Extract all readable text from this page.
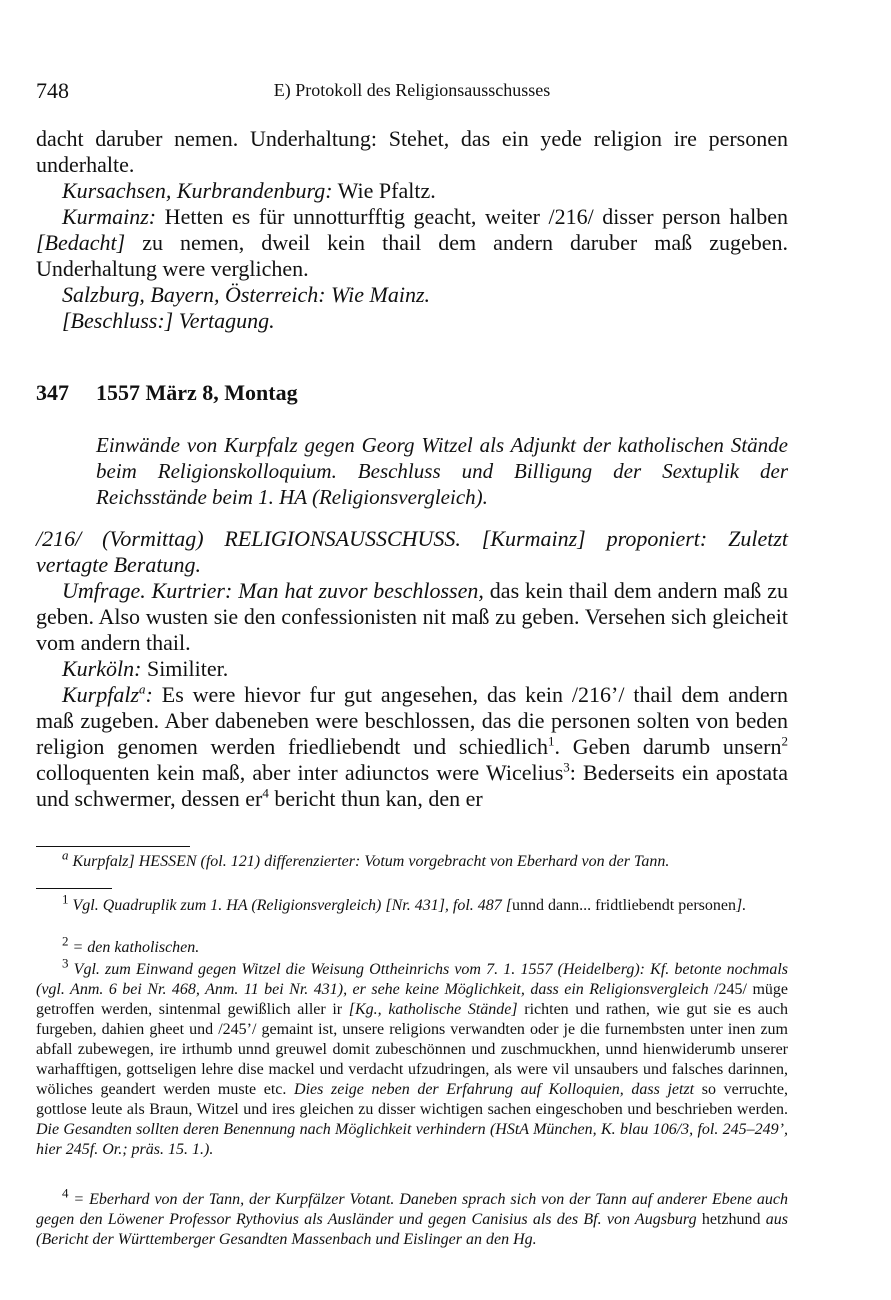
748	E) Protokoll des Religionsausschusses

dacht daruber nemen. Underhaltung: Stehet, das ein yede religion ire personen underhalte.

Kursachsen, Kurbrandenburg: Wie Pfaltz.

Kurmainz: Hetten es für unnotturfftig geacht, weiter /216/ disser person halben [Bedacht] zu nemen, dweil kein thail dem andern daruber maß zugeben. Underhaltung were verglichen.

Salzburg, Bayern, Österreich: Wie Mainz.

[Beschluss:] Vertagung.

347 1557 März 8, Montag

Einwände von Kurpfalz gegen Georg Witzel als Adjunkt der katholischen Stände beim Religionskolloquium. Beschluss und Billigung der Sextuplik der Reichsstände beim 1. HA (Religionsvergleich).

/216/ (Vormittag) RELIGIONSAUSSCHUSS. [Kurmainz] proponiert: Zuletzt vertagte Beratung.

Umfrage. Kurtrier: Man hat zuvor beschlossen, das kein thail dem andern maß zu geben. Also wusten sie den confessionisten nit maß zu geben. Versehen sich gleicheit vom andern thail.

Kurköln: Similiter.

Kurpfalz$^a$: Es were hievor fur gut angesehen, das kein /216’/ thail dem andern maß zugeben. Aber dabeneben were beschlossen, das die personen solten von beden religion genomen werden friedliebendt und schiedlich$^1$. Geben darumb unsern$^2$ colloquenten kein maß, aber inter adiunctos were Wicelius$^3$: Bederseits ein apostata und schwermer, dessen $er^4$ bericht thun kan, den er

$^a$ Kurpfalz] HESSEN (fol. 121) differenzierter: Votum vorgebracht von Eberhard von der Tann.

$^1$ Vgl. Quadruplik zum 1. HA (Religionsvergleich) [Nr. 431], fol. 487 [unnd dann... fridtliebendt personen].

$^2$ = den katholischen.

$^3$ Vgl. zum Einwand gegen Witzel die Weisung Ottheinrichs vom 7. 1. 1557 (Heidelberg): Kf. betonte nochmals (vgl. Anm. 6 bei Nr. 468, Anm. 11 bei Nr. 431), er sehe keine Möglichkeit, dass ein Religionsvergleich /245/ müge getroffen werden, sintenmal gewißlich aller ir [Kg., katholische Stände] richten und rathen, wie gut sie es auch furgeben, dahien gheet und /245’/ gemaint ist, unsere religions verwandten oder je die furnembsten unter inen zum abfall zubewegen, ire irthumb unnd greuwel domit zubeschönnen und zuschmuckhen, unnd hienwiderumb unserer warhafftigen, gottseligen lehre dise mackel und verdacht ufzudringen, als were vil unsaubers und falsches darinnen, wöliches geandert werden muste etc. Dies zeige neben der Erfahrung auf Kolloquien, dass jetzt so verruchte, gottlose leute als Braun, Witzel und ires gleichen zu disser wichtigen sachen eingeschoben und beschrieben werden. Die Gesandten sollten deren Benennung nach Möglichkeit verhindern (HStA München, K. blau 106/3, fol. 245–249’, hier 245f. Or.; präs. 15. 1.).

$^4$ = Eberhard von der Tann, der Kurpfälzer Votant. Daneben sprach sich von der Tann auf anderer Ebene auch gegen den Löwener Professor Rythovius als Ausländer und gegen Canisius als des Bf. von Augsburg hetzhund aus (Bericht der Württemberger Gesandten Massenbach und Eislinger an den Hg.
